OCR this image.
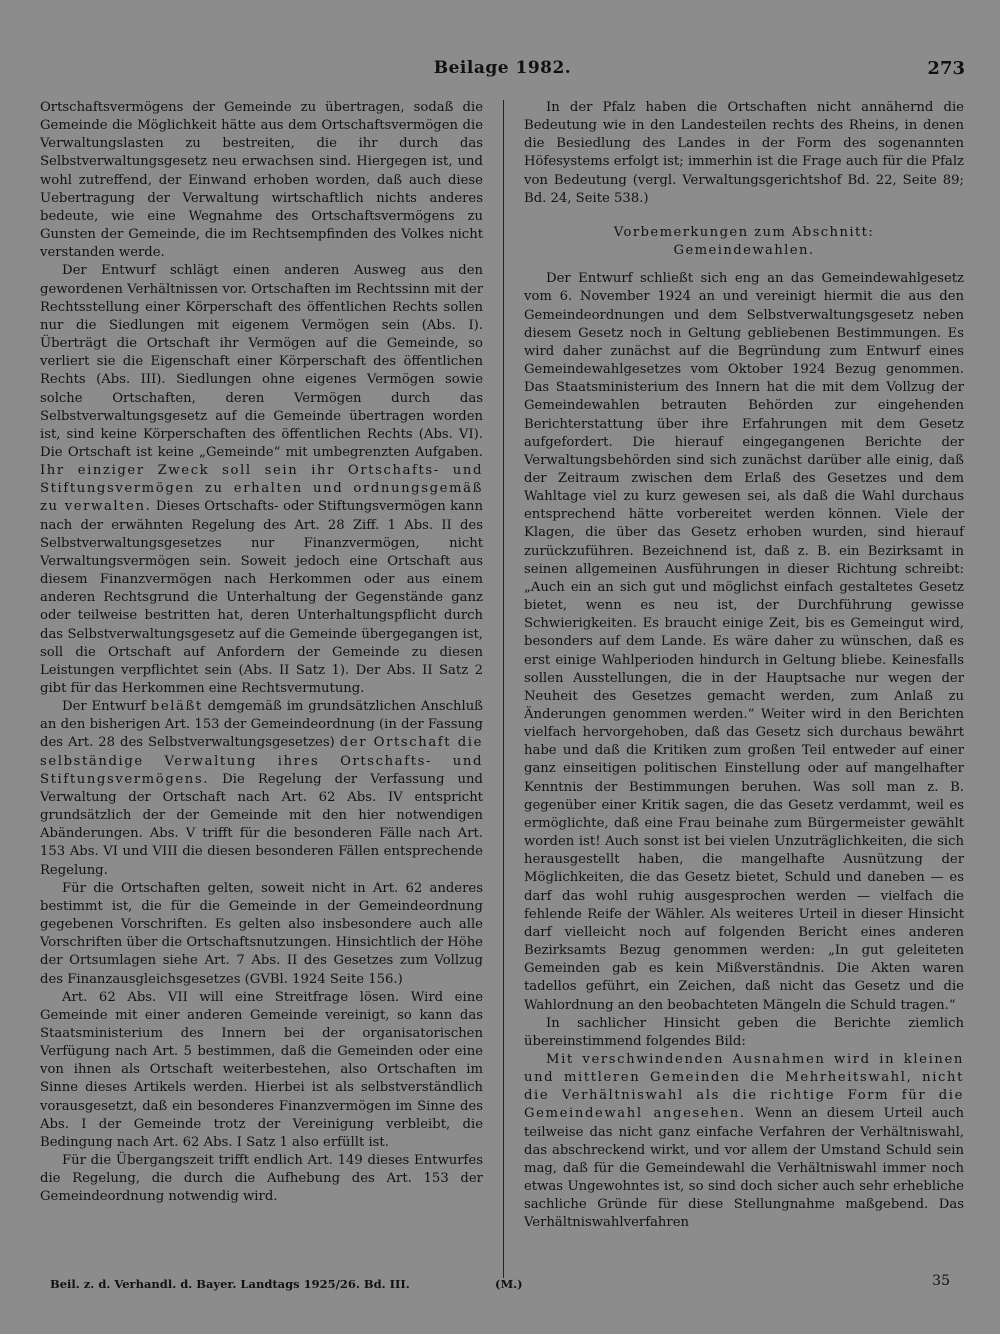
Beilage 1982.	273

Ortschaftsvermögens der Gemeinde zu übertragen, sodaß die Gemeinde die Möglichkeit hätte aus dem Ortschaftsvermögen die Verwaltungslasten zu bestreiten, die ihr durch das Selbstverwaltungsgesetz neu erwachsen sind. Hiergegen ist, und wohl zutreffend, der Einwand erhoben worden, daß auch diese Uebertragung der Verwaltung wirtschaftlich nichts anderes bedeute, wie eine Wegnahme des Ortschaftsvermögens zu Gunsten der Gemeinde, die im Rechtsempfinden des Volkes nicht verstanden werde.

Der Entwurf schlägt einen anderen Ausweg aus den gewordenen Verhältnissen vor. Ortschaften im Rechtssinn mit der Rechtsstellung einer Körperschaft des öffentlichen Rechts sollen nur die Siedlungen mit eigenem Vermögen sein (Abs. I). Überträgt die Ortschaft ihr Vermögen auf die Gemeinde, so verliert sie die Eigenschaft einer Körperschaft des öffentlichen Rechts (Abs. III). Siedlungen ohne eigenes Vermögen sowie solche Ortschaften, deren Vermögen durch das Selbstverwaltungsgesetz auf die Gemeinde übertragen worden ist, sind keine Körperschaften des öffentlichen Rechts (Abs. VI). Die Ortschaft ist keine „Gemeinde“ mit umbegrenzten Aufgaben. Ihr einziger Zweck soll sein ihr Ortschafts- und Stiftungsvermögen zu erhalten und ordnungsgemäß zu verwalten. Dieses Ortschafts- oder Stiftungsvermögen kann nach der erwähnten Regelung des Art. 28 Ziff. 1 Abs. II des Selbstverwaltungsgesetzes nur Finanzvermögen, nicht Verwaltungsvermögen sein. Soweit jedoch eine Ortschaft aus diesem Finanzvermögen nach Herkommen oder aus einem anderen Rechtsgrund die Unterhaltung der Gegenstände ganz oder teilweise bestritten hat, deren Unterhaltungspflicht durch das Selbstverwaltungsgesetz auf die Gemeinde übergegangen ist, soll die Ortschaft auf Anfordern der Gemeinde zu diesen Leistungen verpflichtet sein (Abs. II Satz 1). Der Abs. II Satz 2 gibt für das Herkommen eine Rechtsvermutung.

Der Entwurf beläßt demgemäß im grundsätzlichen Anschluß an den bisherigen Art. 153 der Gemeindeordnung (in der Fassung des Art. 28 des Selbstverwaltungsgesetzes) der Ortschaft die selbständige Verwaltung ihres Ortschafts- und Stiftungsvermögens. Die Regelung der Verfassung und Verwaltung der Ortschaft nach Art. 62 Abs. IV entspricht grundsätzlich der der Gemeinde mit den hier notwendigen Abänderungen. Abs. V trifft für die besonderen Fälle nach Art. 153 Abs. VI und VIII die diesen besonderen Fällen entsprechende Regelung.

Für die Ortschaften gelten, soweit nicht in Art. 62 anderes bestimmt ist, die für die Gemeinde in der Gemeindeordnung gegebenen Vorschriften. Es gelten also insbesondere auch alle Vorschriften über die Ortschaftsnutzungen. Hinsichtlich der Höhe der Ortsumlagen siehe Art. 7 Abs. II des Gesetzes zum Vollzug des Finanzausgleichsgesetzes (GVBl. 1924 Seite 156.)

Art. 62 Abs. VII will eine Streitfrage lösen. Wird eine Gemeinde mit einer anderen Gemeinde vereinigt, so kann das Staatsministerium des Innern bei der organisatorischen Verfügung nach Art. 5 bestimmen, daß die Gemeinden oder eine von ihnen als Ortschaft weiterbestehen, also Ortschaften im Sinne dieses Artikels werden. Hierbei ist als selbstverständlich vorausgesetzt, daß ein besonderes Finanzvermögen im Sinne des Abs. I der Gemeinde trotz der Vereinigung verbleibt, die Bedingung nach Art. 62 Abs. I Satz 1 also erfüllt ist.

Für die Übergangszeit trifft endlich Art. 149 dieses Entwurfes die Regelung, die durch die Aufhebung des Art. 153 der Gemeindeordnung notwendig wird.

In der Pfalz haben die Ortschaften nicht annähernd die Bedeutung wie in den Landesteilen rechts des Rheins, in denen die Besiedlung des Landes in der Form des sogenannten Höfesystems erfolgt ist; immerhin ist die Frage auch für die Pfalz von Bedeutung (vergl. Verwaltungsgerichtshof Bd. 22, Seite 89; Bd. 24, Seite 538.)

Vorbemerkungen zum Abschnitt:
Gemeindewahlen.

Der Entwurf schließt sich eng an das Gemeindewahlgesetz vom 6. November 1924 an und vereinigt hiermit die aus den Gemeindeordnungen und dem Selbstverwaltungsgesetz neben diesem Gesetz noch in Geltung gebliebenen Bestimmungen. Es wird daher zunächst auf die Begründung zum Entwurf eines Gemeindewahlgesetzes vom Oktober 1924 Bezug genommen. Das Staatsministerium des Innern hat die mit dem Vollzug der Gemeindewahlen betrauten Behörden zur eingehenden Berichterstattung über ihre Erfahrungen mit dem Gesetz aufgefordert. Die hierauf eingegangenen Berichte der Verwaltungsbehörden sind sich zunächst darüber alle einig, daß der Zeitraum zwischen dem Erlaß des Gesetzes und dem Wahltage viel zu kurz gewesen sei, als daß die Wahl durchaus entsprechend hätte vorbereitet werden können. Viele der Klagen, die über das Gesetz erhoben wurden, sind hierauf zurückzuführen. Bezeichnend ist, daß z. B. ein Bezirksamt in seinen allgemeinen Ausführungen in dieser Richtung schreibt: „Auch ein an sich gut und möglichst einfach gestaltetes Gesetz bietet, wenn es neu ist, der Durchführung gewisse Schwierigkeiten. Es braucht einige Zeit, bis es Gemeingut wird, besonders auf dem Lande. Es wäre daher zu wünschen, daß es erst einige Wahlperioden hindurch in Geltung bliebe. Keinesfalls sollen Ausstellungen, die in der Hauptsache nur wegen der Neuheit des Gesetzes gemacht werden, zum Anlaß zu Änderungen genommen werden.“ Weiter wird in den Berichten vielfach hervorgehoben, daß das Gesetz sich durchaus bewährt habe und daß die Kritiken zum großen Teil entweder auf einer ganz einseitigen politischen Einstellung oder auf mangelhafter Kenntnis der Bestimmungen beruhen. Was soll man z. B. gegenüber einer Kritik sagen, die das Gesetz verdammt, weil es ermöglichte, daß eine Frau beinahe zum Bürgermeister gewählt worden ist! Auch sonst ist bei vielen Unzuträglichkeiten, die sich herausgestellt haben, die mangelhafte Ausnützung der Möglichkeiten, die das Gesetz bietet, Schuld und daneben — es darf das wohl ruhig ausgesprochen werden — vielfach die fehlende Reife der Wähler. Als weiteres Urteil in dieser Hinsicht darf vielleicht noch auf folgenden Bericht eines anderen Bezirksamts Bezug genommen werden: „In gut geleiteten Gemeinden gab es kein Mißverständnis. Die Akten waren tadellos geführt, ein Zeichen, daß nicht das Gesetz und die Wahlordnung an den beobachteten Mängeln die Schuld tragen.“

In sachlicher Hinsicht geben die Berichte ziemlich übereinstimmend folgendes Bild:

Mit verschwindenden Ausnahmen wird in kleinen und mittleren Gemeinden die Mehrheitswahl, nicht die Verhältniswahl als die richtige Form für die Gemeindewahl angesehen. Wenn an diesem Urteil auch teilweise das nicht ganz einfache Verfahren der Verhältniswahl, das abschreckend wirkt, und vor allem der Umstand Schuld sein mag, daß für die Gemeindewahl die Verhältniswahl immer noch etwas Ungewohntes ist, so sind doch sicher auch sehr erhebliche sachliche Gründe für diese Stellungnahme maßgebend. Das Verhältniswahlverfahren

Beil. z. d. Verhandl. d. Bayer. Landtags 1925/26. Bd. III.	(M.)	35
